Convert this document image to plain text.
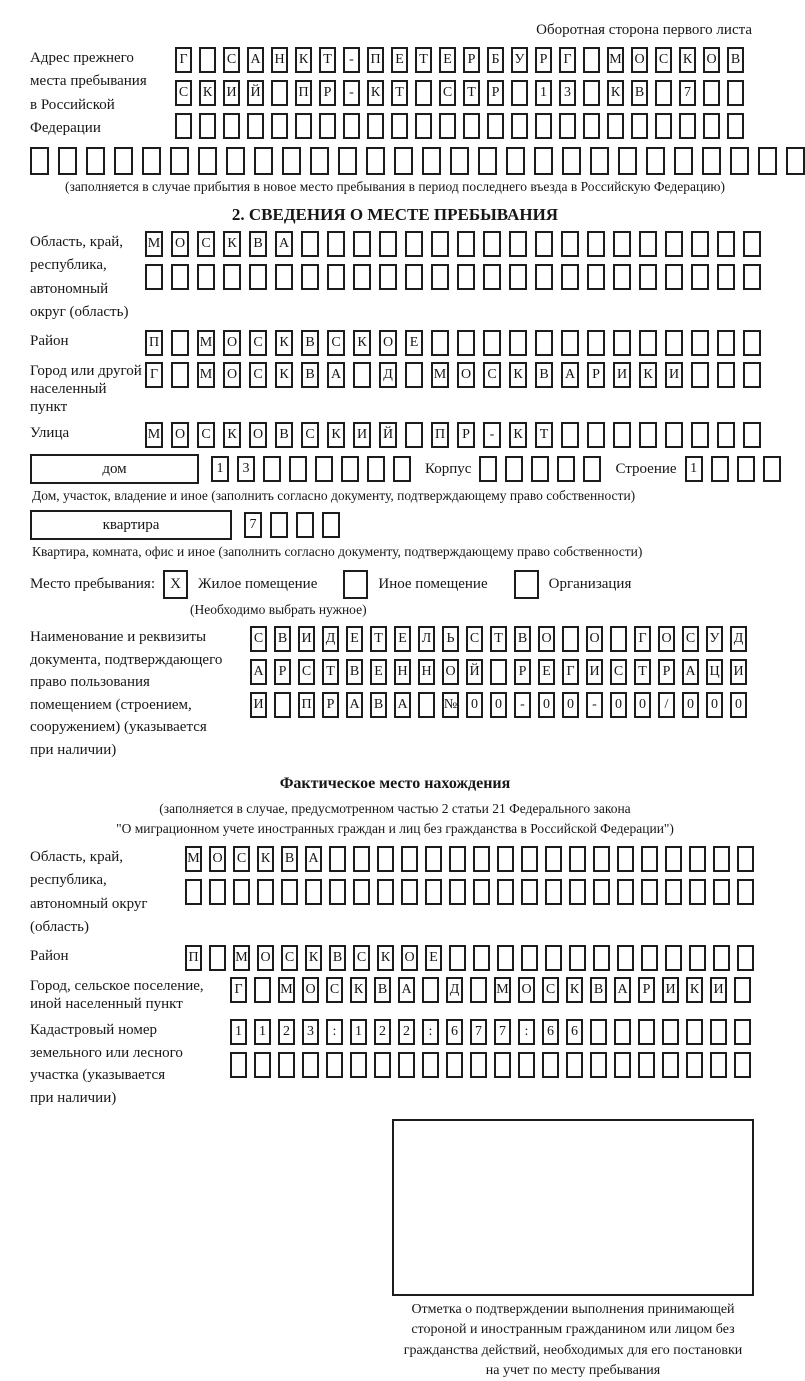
Оборотная сторона первого листа
Адрес прежнего
места пребывания
в Российской
Федерации
Г	С А Н К	Т	-	П	Е	Т	Е	Р	Б	У	Р	Г	М О С К О В
С К И Й	П	Р	-	К	Т	С	Т	Р	1	3	К В	7
(заполняется в случае прибытия в новое место пребывания в период последнего въезда в Российскую Федерацию)
2. СВЕДЕНИЯ О МЕСТЕ ПРЕБЫВАНИЯ
Область, край,
республика,
автономный
округ (область)
М О	С	К	В	А
Район	П	М О	С	К	В	С	К	О	Е
Город или другой
населенный пункт
Г	М О	С	К	В	А	Д	М О	С	К	В	А	Р	И	К	И
Улица	М О	С	К	О	В	С	К	И Й	П	Р	-	К	Т
дом	1	3	Корпус	Строение 1
Дом, участок, владение и иное (заполнить согласно документу, подтверждающему право собственности)
квартира	7
Квартира, комната, офис и иное (заполнить согласно документу, подтверждающему право собственности)
Место пребывания: X Жилое помещение	Иное помещение	Организация
(Необходимо выбрать нужное)
Наименование и реквизиты
документа, подтверждающего
право пользования
помещением (строением,
сооружением) (указывается
при наличии)
С В И Д	Е	Т	Е	Л	Ь	С	Т	В О	О	Г	О С У Д
А	Р	С	Т	В	Е	Н Н О Й	Р	Е	Г	И С	Т	Р	А Ц И
И	П	Р	А В А	№ 0	0	-	0	0	-	0	0	/	0	0	0
Фактическое место нахождения
(заполняется в случае, предусмотренном частью 2 статьи 21 Федерального закона
"О миграционном учете иностранных граждан и лиц без гражданства в Российской Федерации")
Область, край,
республика,
автономный округ
(область)
М О С К В А
Район	П	М О С К В С К О	Е
Город, сельское поселение,
иной населенный пункт
Г	М О С К В А	Д	М О С К В А	Р	И К И
Кадастровый номер
земельного или лесного
участка (указывается
при наличии)
1	1	2	3	:	1	2	2	:	6	7	7	:	6	6
Отметка о подтверждении выполнения принимающей
стороной и иностранным гражданином или лицом без
гражданства действий, необходимых для его постановки
на учет по месту пребывания
